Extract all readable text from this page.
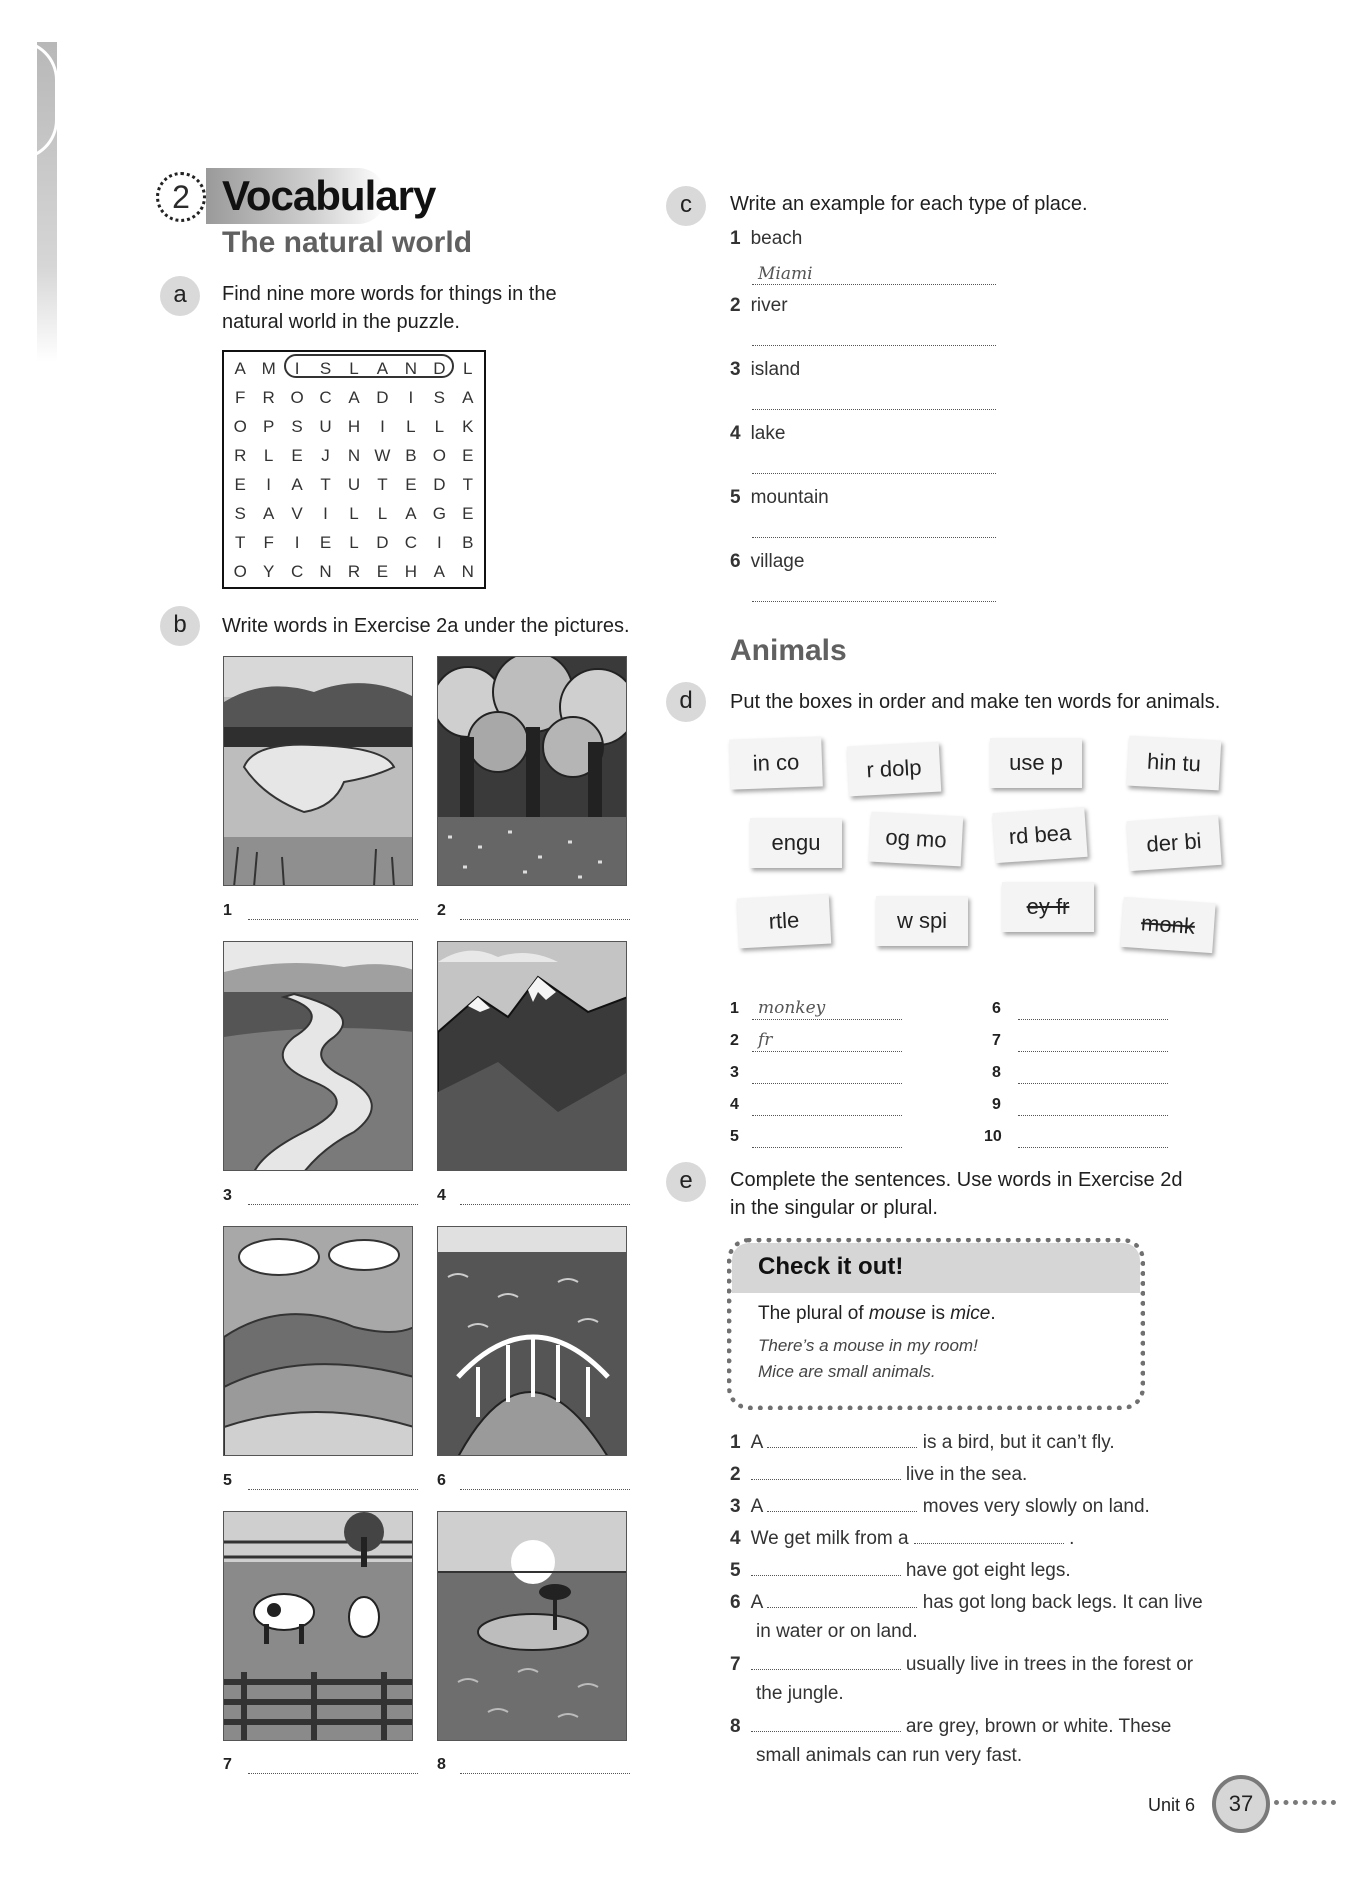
2 Vocabulary
The natural world
a	Find nine more words for things in the
natural world in the puzzle.
A M	I	S	L	A N D	L
F	R O C A D	I	S	A
O P	S U H	I	L	L	K
R	L	E	J	N W B O E
E	I	A	T	U	T	E D	T
S	A	V	I	L	L	A G E
T	F	I	E	L	D C	I	B
O Y C N R E H A N
b	Write words in Exercise 2a under the pictures.
1	2
3	4
5	6
7	8
c	Write an example for each type of place.
1 beach
Miami
2 river
3 island
4 lake
5 mountain
6 village
Animals
d	Put the boxes in order and make ten words for animals.
in co	r dolp	use p	hin tu
engu	og mo	rd bea	der bi
rtle	w spi
ey fr
monk
1 monkey
2 fr
3
4
5
6
7
8
9
10
e	Complete the sentences. Use words in Exercise 2d
in the singular or plural.
Check it out!
The plural of mouse is mice.
There’s a mouse in my room!
Mice are small animals.
1 A	is a bird, but it can’t fly.
2	live in the sea.
3 A	moves very slowly on land.
4 We get milk from a	.
5	have got eight legs.
6 A	has got long back legs. It can live
in water or on land.
7	usually live in trees in the forest or
the jungle.
8	are grey, brown or white. These
small animals can run very fast.
Unit 6	37
